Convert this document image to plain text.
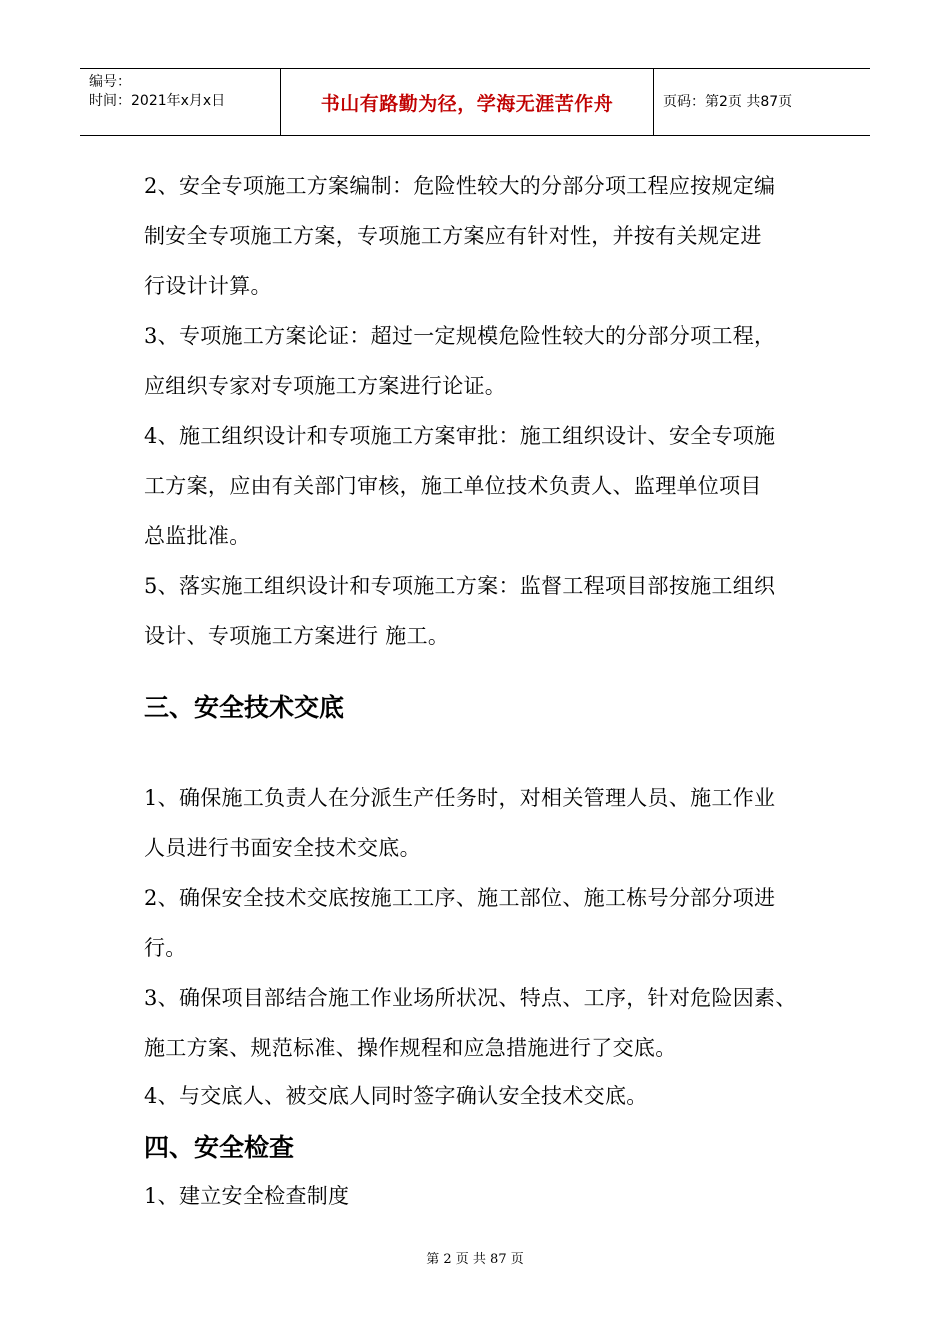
编号：
时间：2021年x月x日	书山有路勤为径，学海无涯苦作舟	页码：第2页 共87页
2、安全专项施工方案编制：危险性较大的分部分项工程应按规定编
制安全专项施工方案，专项施工方案应有针对性，并按有关规定进
行设计计算。
3、专项施工方案论证：超过一定规模危险性较大的分部分项工程，
应组织专家对专项施工方案进行论证。
4、施工组织设计和专项施工方案审批：施工组织设计、安全专项施
工方案，应由有关部门审核，施工单位技术负责人、监理单位项目
总监批准。
5、落实施工组织设计和专项施工方案：监督工程项目部按施工组织
设计、专项施工方案进行 施工。
三、安全技术交底
1、确保施工负责人在分派生产任务时，对相关管理人员、施工作业
人员进行书面安全技术交底。
2、确保安全技术交底按施工工序、施工部位、施工栋号分部分项进
行。
3、确保项目部结合施工作业场所状况、特点、工序，针对危险因素、
施工方案、规范标准、操作规程和应急措施进行了交底。
4、与交底人、被交底人同时签字确认安全技术交底。
四、安全检查
1、建立安全检查制度
第 2 页 共 87 页
